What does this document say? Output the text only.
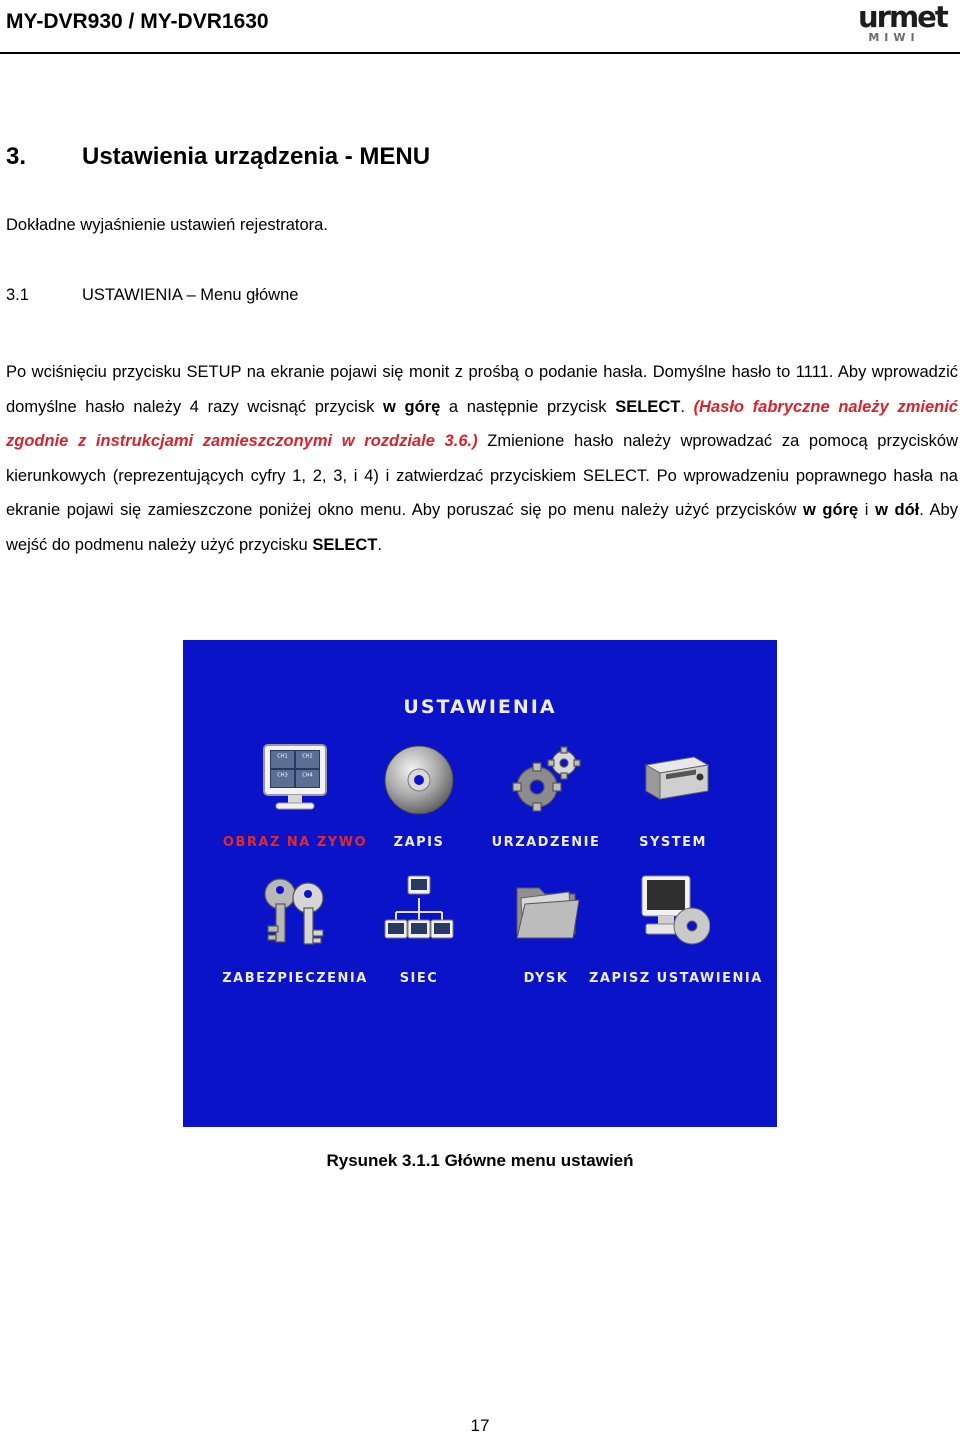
MY-DVR930 / MY-DVR1630	urmet
MIWI
3. Ustawienia urządzenia - MENU
Dokładne wyjaśnienie ustawień rejestratora.
3.1	USTAWIENIA – Menu główne
Po wciśnięciu przycisku SETUP na ekranie pojawi się monit z prośbą o podanie hasła. Domyślne hasło to 1111. Aby wprowadzić domyślne hasło należy 4 razy wcisnąć przycisk w górę a następnie przycisk SELECT. (Hasło fabryczne należy zmienić zgodnie z instrukcjami zamieszczonymi w rozdziale 3.6.) Zmienione hasło należy wprowadzać za pomocą przycisków kierunkowych (reprezentujących cyfry 1, 2, 3, i 4) i zatwierdzać przyciskiem SELECT. Po wprowadzeniu poprawnego hasła na ekranie pojawi się zamieszczone poniżej okno menu. Aby poruszać się po menu należy użyć przycisków w górę i w dół. Aby wejść do podmenu należy użyć przycisku SELECT.
USTAWIENIA
CH1	CH2
CH3	CH4
OBRAZ NA ZYWO	ZAPIS	URZADZENIE	SYSTEM
ZABEZPIECZENIA	SIEC	DYSK	ZAPISZ USTAWIENIA
Rysunek 3.1.1 Główne menu ustawień
17
